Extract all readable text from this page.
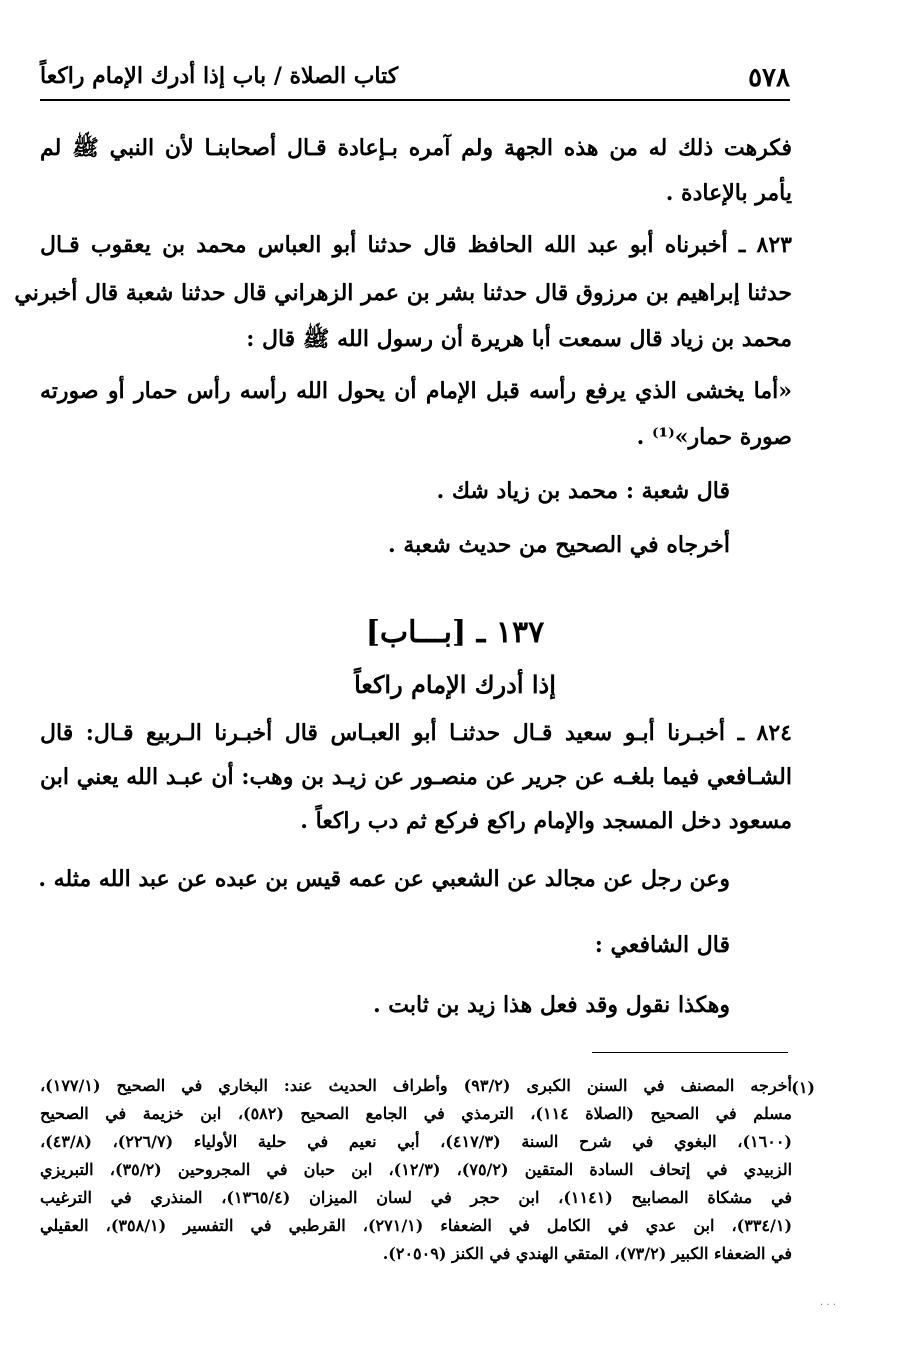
٥٧٨
كتاب الصلاة / باب إذا أدرك الإمام راكعاً
فكرهت ذلك له من هذه الجهة ولم آمره بـإعادة قـال أصحابنـا لأن النبي ﷺ لم
يأمر بالإعادة .
٨٢٣ ـ أخبرناه أبو عبد الله الحافظ قال حدثنا أبو العباس محمد بن يعقوب قـال
حدثنا إبراهيم بن مرزوق قال حدثنا بشر بن عمر الزهراني قال حدثنا شعبة قال أخبرني
محمد بن زياد قال سمعت أبا هريرة أن رسول الله ﷺ قال :
«أما يخشى الذي يرفع رأسه قبل الإمام أن يحول الله رأسه رأس حمار أو صورته
صورة حمار»⁽¹⁾ .
قال شعبة : محمد بن زياد شك .
أخرجاه في الصحيح من حديث شعبة .
١٣٧ ـ [بـــاب]
إذا أدرك الإمام راكعاً
٨٢٤ ـ أخبـرنا أبـو سعيد قـال حدثنـا أبو العبـاس قال أخبـرنا الـربيع قـال: قال
الشـافعي فيما بلغـه عن جرير عن منصـور عن زيـد بن وهب: أن عبـد الله يعني ابن
مسعود دخل المسجد والإمام راكع فركع ثم دب راكعاً .
وعن رجل عن مجالد عن الشعبي عن عمه قيس بن عبده عن عبد الله مثله .
قال الشافعي :
وهكذا نقول وقد فعل هذا زيد بن ثابت .
(١)
أخرجه المصنف في السنن الكبرى (٩٣/٢) وأطراف الحديث عند: البخاري في الصحيح (١٧٧/١)،
مسلم في الصحيح (الصلاة ١١٤)، الترمذي في الجامع الصحيح (٥٨٢)، ابن خزيمة في الصحيح
(١٦٠٠)، البغوي في شرح السنة (٤١٧/٣)، أبي نعيم في حلية الأولياء (٢٢٦/٧)، (٤٣/٨)،
الزبيدي في إتحاف السادة المتقين (٧٥/٢)، (١٢/٣)، ابن حبان في المجروحين (٣٥/٢)، التبريزي
في مشكاة المصابيح (١١٤١)، ابن حجر في لسان الميزان (١٣٦٥/٤)، المنذري في الترغيب
(٣٣٤/١)، ابن عدي في الكامل في الضعفاء (٢٧١/١)، القرطبي في التفسير (٣٥٨/١)، العقيلي
في الضعفاء الكبير (٧٣/٢)، المتقي الهندي في الكنز (٢٠٥٠٩).
· · ·
